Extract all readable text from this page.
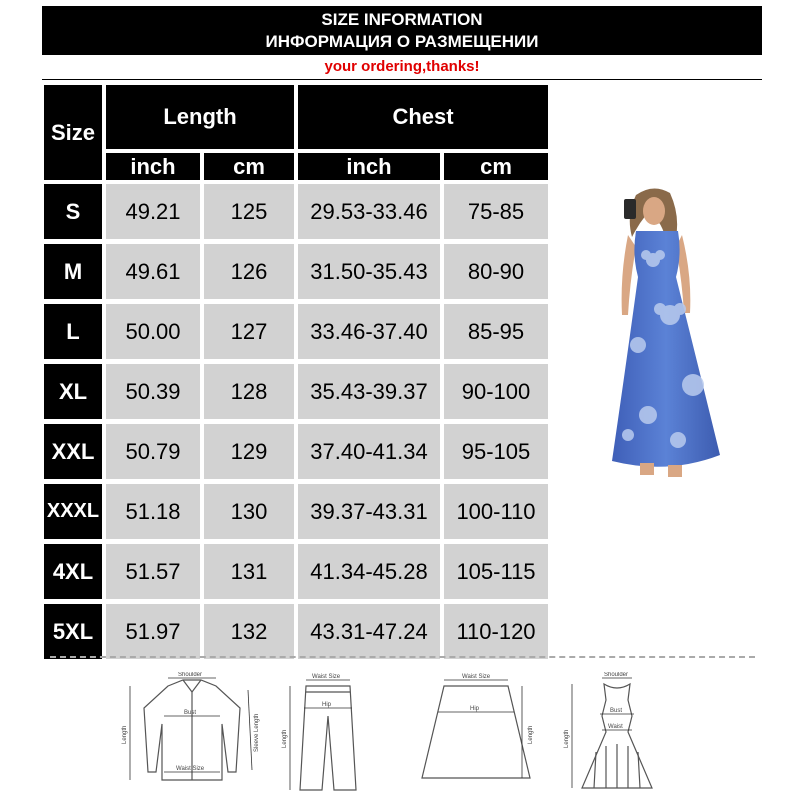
SIZE INFORMATION
ИНФОРМАЦИЯ О РАЗМЕЩЕНИИ
your ordering,thanks!
Size
Length	Chest
inch	cm	inch	cm
S	49.21	125	29.53-33.46	75-85
M	49.61	126	31.50-35.43	80-90
L	50.00	127	33.46-37.40	85-95
XL	50.39	128	35.43-39.37	90-100
XXL	50.79	129	37.40-41.34	95-105
XXXL	51.18	130	39.37-43.31	100-110
4XL	51.57	131	41.34-45.28	105-115
5XL	51.97	132	43.31-47.24	110-120
Shoulder
Bust
Waist Size
Length	Sleeve Length
Waist Size
Hip
Length
Waist Size
Hip
Length
Shoulder
Bust
Waist
Length
